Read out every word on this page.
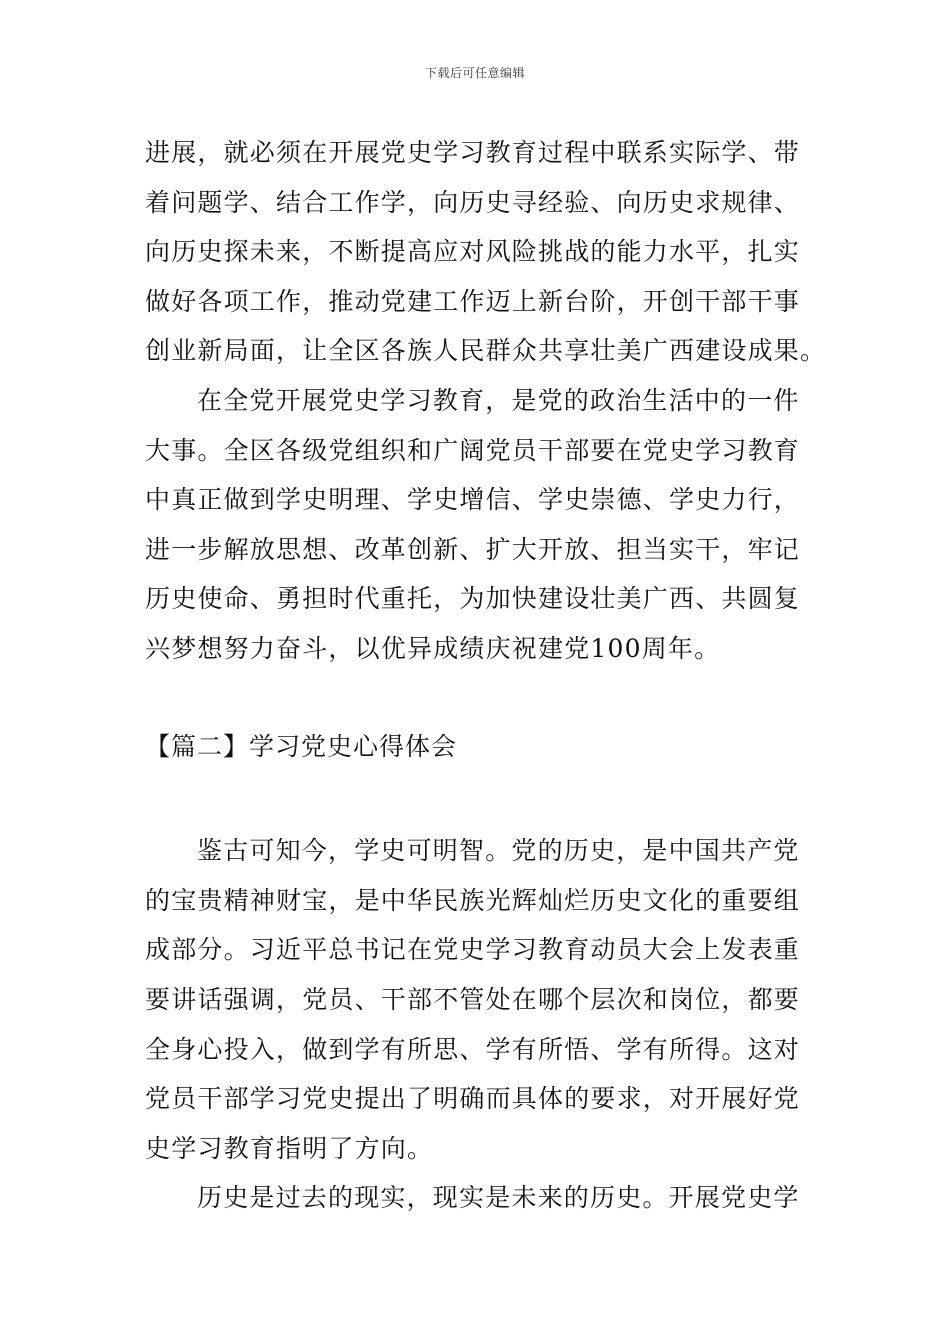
下载后可任意编辑
进展，就必须在开展党史学习教育过程中联系实际学、带
着问题学、结合工作学，向历史寻经验、向历史求规律、
向历史探未来，不断提高应对风险挑战的能力水平，扎实
做好各项工作，推动党建工作迈上新台阶，开创干部干事
创业新局面，让全区各族人民群众共享壮美广西建设成果。
在全党开展党史学习教育，是党的政治生活中的一件
大事。全区各级党组织和广阔党员干部要在党史学习教育
中真正做到学史明理、学史增信、学史崇德、学史力行，
进一步解放思想、改革创新、扩大开放、担当实干，牢记
历史使命、勇担时代重托，为加快建设壮美广西、共圆复
兴梦想努力奋斗，以优异成绩庆祝建党100周年。
【篇二】学习党史心得体会
鉴古可知今，学史可明智。党的历史，是中国共产党
的宝贵精神财宝，是中华民族光辉灿烂历史文化的重要组
成部分。习近平总书记在党史学习教育动员大会上发表重
要讲话强调，党员、干部不管处在哪个层次和岗位，都要
全身心投入，做到学有所思、学有所悟、学有所得。这对
党员干部学习党史提出了明确而具体的要求，对开展好党
史学习教育指明了方向。
历史是过去的现实，现实是未来的历史。开展党史学
